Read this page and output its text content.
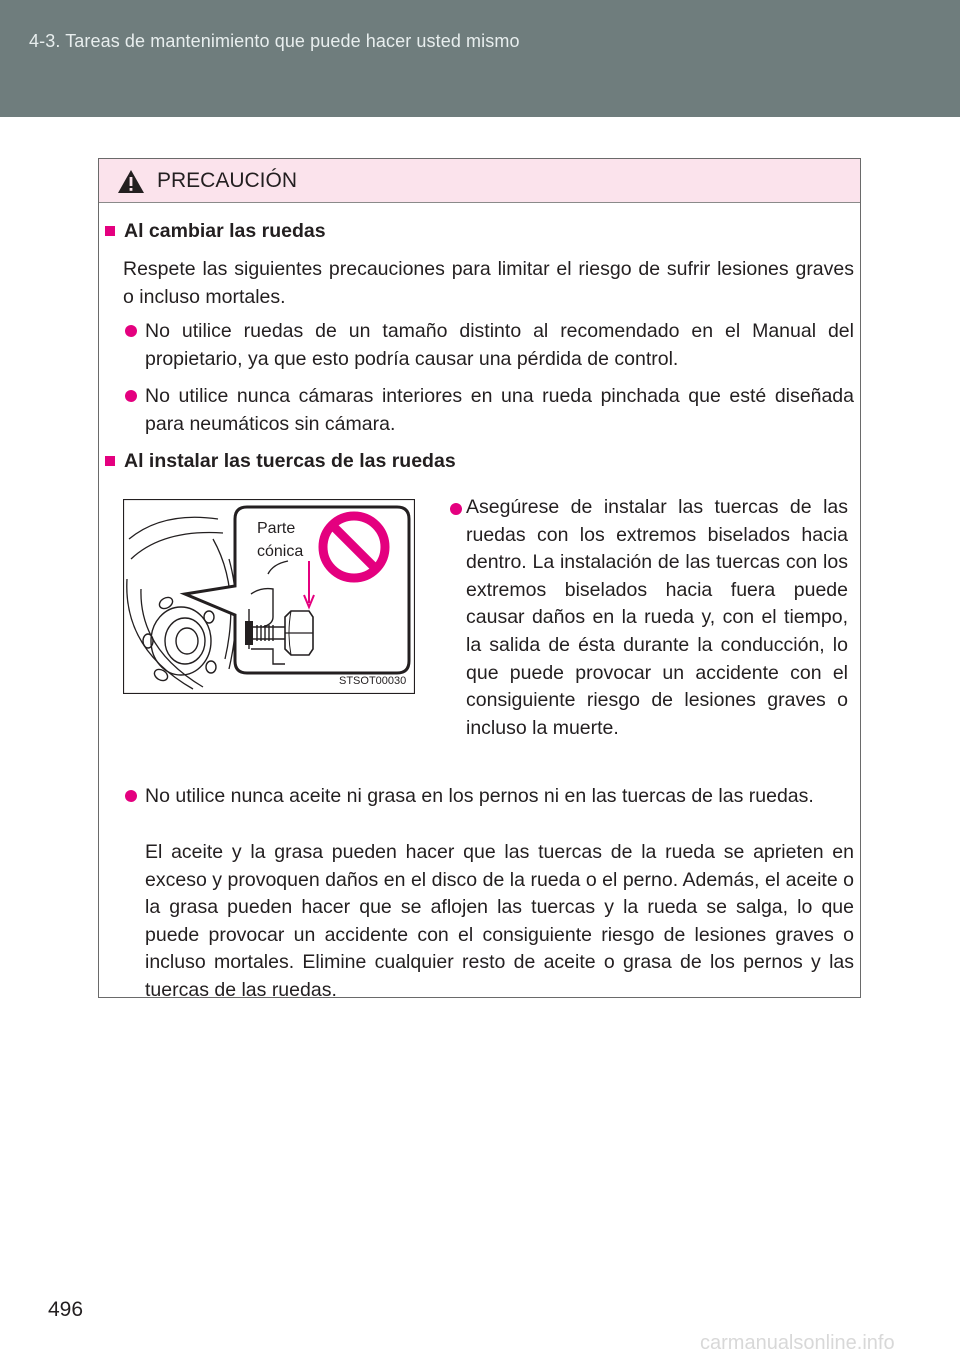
4-3. Tareas de mantenimiento que puede hacer usted mismo
PRECAUCIÓN
Al cambiar las ruedas
Respete las siguientes precauciones para limitar el riesgo de sufrir lesiones graves o incluso mortales.
No utilice ruedas de un tamaño distinto al recomendado en el Manual del propietario, ya que esto podría causar una pérdida de control.
No utilice nunca cámaras interiores en una rueda pinchada que esté diseñada para neumáticos sin cámara.
Al instalar las tuercas de las ruedas
Parte
cónica
STSOT00030
Asegúrese de instalar las tuercas de las ruedas con los extremos biselados hacia dentro. La instalación de las tuercas con los extremos biselados hacia fuera puede causar daños en la rueda y, con el tiempo, la salida de ésta durante la conducción, lo que puede provocar un accidente con el consiguiente riesgo de lesiones graves o incluso la muerte.
No utilice nunca aceite ni grasa en los pernos ni en las tuercas de las ruedas.
El aceite y la grasa pueden hacer que las tuercas de la rueda se aprieten en exceso y provoquen daños en el disco de la rueda o el perno. Además, el aceite o la grasa pueden hacer que se aflojen las tuercas y la rueda se salga, lo que puede provocar un accidente con el consiguiente riesgo de lesiones graves o incluso mortales. Elimine cualquier resto de aceite o grasa de los pernos y las tuercas de las ruedas.
496
carmanualsonline.info
